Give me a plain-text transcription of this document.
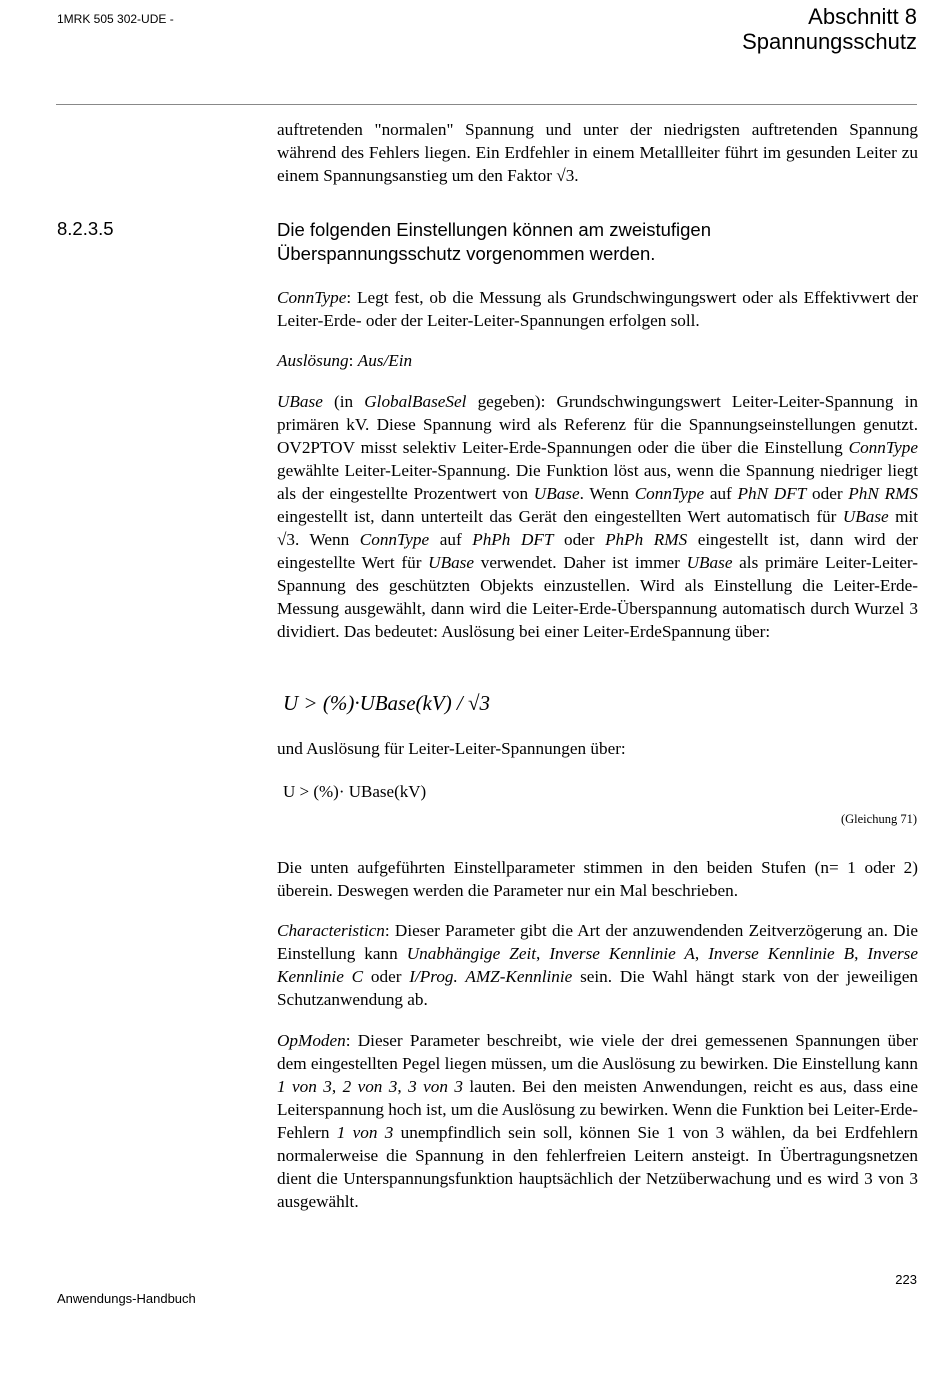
1MRK 505 302-UDE -	Abschnitt 8
Spannungsschutz

auftretenden "normalen" Spannung und unter der niedrigsten auftretenden Spannung während des Fehlers liegen. Ein Erdfehler in einem Metallleiter führt im gesunden Leiter zu einem Spannungsanstieg um den Faktor √3.

8.2.3.5	Die folgenden Einstellungen können am zweistufigen Überspannungsschutz vorgenommen werden.

ConnType: Legt fest, ob die Messung als Grundschwingungswert oder als Effektivwert der Leiter-Erde- oder der Leiter-Leiter-Spannungen erfolgen soll.

Auslösung: Aus/Ein

UBase (in GlobalBaseSel gegeben): Grundschwingungswert Leiter-Leiter-Spannung in primären kV. Diese Spannung wird als Referenz für die Spannungseinstellungen genutzt. OV2PTOV misst selektiv Leiter-Erde-Spannungen oder die über die Einstellung ConnType gewählte Leiter-Leiter-Spannung. Die Funktion löst aus, wenn die Spannung niedriger liegt als der eingestellte Prozentwert von UBase. Wenn ConnType auf PhN DFT oder PhN RMS eingestellt ist, dann unterteilt das Gerät den eingestellten Wert automatisch für UBase mit √3. Wenn ConnType auf PhPh DFT oder PhPh RMS eingestellt ist, dann wird der eingestellte Wert für UBase verwendet. Daher ist immer UBase als primäre Leiter-Leiter-Spannung des geschützten Objekts einzustellen. Wird als Einstellung die Leiter-Erde-Messung ausgewählt, dann wird die Leiter-Erde-Überspannung automatisch durch Wurzel 3 dividiert. Das bedeutet: Auslösung bei einer Leiter-ErdeSpannung über:

U > (%)·UBase(kV) / √3

und Auslösung für Leiter-Leiter-Spannungen über:

U > (%)· UBase(kV)
(Gleichung 71)

Die unten aufgeführten Einstellparameter stimmen in den beiden Stufen (n= 1 oder 2) überein. Deswegen werden die Parameter nur ein Mal beschrieben.

Characteristicn: Dieser Parameter gibt die Art der anzuwendenden Zeitverzögerung an. Die Einstellung kann Unabhängige Zeit, Inverse Kennlinie A, Inverse Kennlinie B, Inverse Kennlinie C oder I/Prog. AMZ-Kennlinie sein. Die Wahl hängt stark von der jeweiligen Schutzanwendung ab.

OpModen: Dieser Parameter beschreibt, wie viele der drei gemessenen Spannungen über dem eingestellten Pegel liegen müssen, um die Auslösung zu bewirken. Die Einstellung kann 1 von 3, 2 von 3, 3 von 3 lauten. Bei den meisten Anwendungen, reicht es aus, dass eine Leiterspannung hoch ist, um die Auslösung zu bewirken. Wenn die Funktion bei Leiter-Erde-Fehlern 1 von 3 unempfindlich sein soll, können Sie 1 von 3 wählen, da bei Erdfehlern normalerweise die Spannung in den fehlerfreien Leitern ansteigt. In Übertragungsnetzen dient die Unterspannungsfunktion hauptsächlich der Netzüberwachung und es wird 3 von 3 ausgewählt.

223
Anwendungs-Handbuch
